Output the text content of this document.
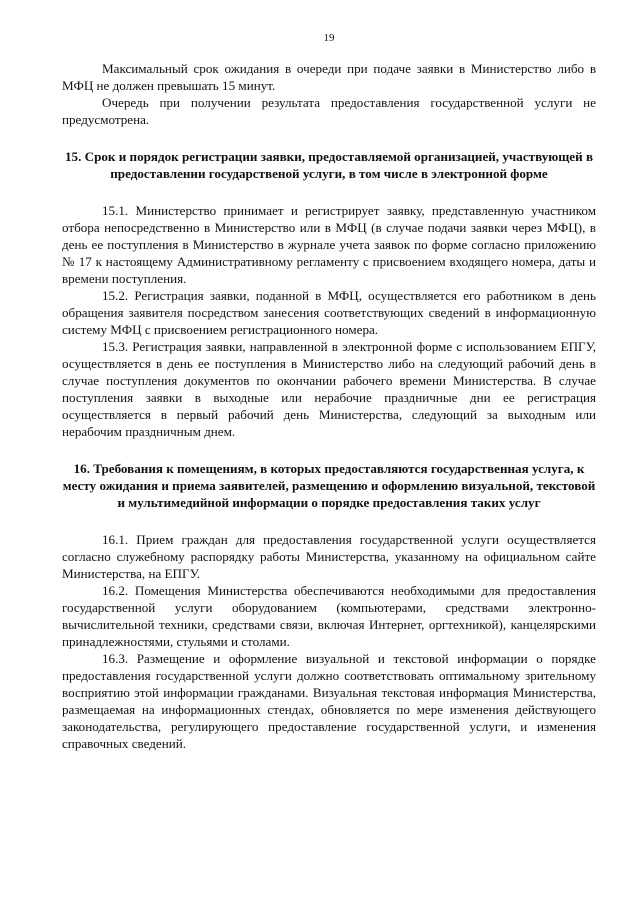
19

Максимальный срок ожидания в очереди при подаче заявки в Министерство либо в МФЦ не должен превышать 15 минут.

Очередь при получении результата предоставления государственной услуги не предусмотрена.

15. Срок и порядок регистрации заявки, предоставляемой организацией, участвующей в предоставлении государственой услуги, в том числе в электронной форме

15.1. Министерство принимает и регистрирует заявку, представленную участником отбора непосредственно в Министерство или в МФЦ (в случае подачи заявки через МФЦ), в день ее поступления в Министерство в журнале учета заявок по форме согласно приложению № 17 к настоящему Административному регламенту с присвоением входящего номера, даты и времени поступления.

15.2. Регистрация заявки, поданной в МФЦ, осуществляется его работником в день обращения заявителя посредством занесения соответствующих сведений в информационную систему МФЦ с присвоением регистрационного номера.

15.3. Регистрация заявки, направленной в электронной форме с использованием ЕПГУ, осуществляется в день ее поступления в Министерство либо на следующий рабочий день в случае поступления документов по окончании рабочего времени Министерства. В случае поступления заявки в выходные или нерабочие праздничные дни ее регистрация осуществляется в первый рабочий день Министерства, следующий за выходным или нерабочим праздничным днем.

16. Требования к помещениям, в которых предоставляются государственная услуга, к месту ожидания и приема заявителей, размещению и оформлению визуальной, текстовой и мультимедийной информации о порядке предоставления таких услуг

16.1. Прием граждан для предоставления государственной услуги осуществляется согласно служебному распорядку работы Министерства, указанному на официальном сайте Министерства, на ЕПГУ.

16.2. Помещения Министерства обеспечиваются необходимыми для предоставления государственной услуги оборудованием (компьютерами, средствами электронно-вычислительной техники, средствами связи, включая Интернет, оргтехникой), канцелярскими принадлежностями, стульями и столами.

16.3. Размещение и оформление визуальной и текстовой информации о порядке предоставления государственной услуги должно соответствовать оптимальному зрительному восприятию этой информации гражданами. Визуальная текстовая информация Министерства, размещаемая на информационных стендах, обновляется по мере изменения действующего законодательства, регулирующего предоставление государственной услуги, и изменения справочных сведений.
